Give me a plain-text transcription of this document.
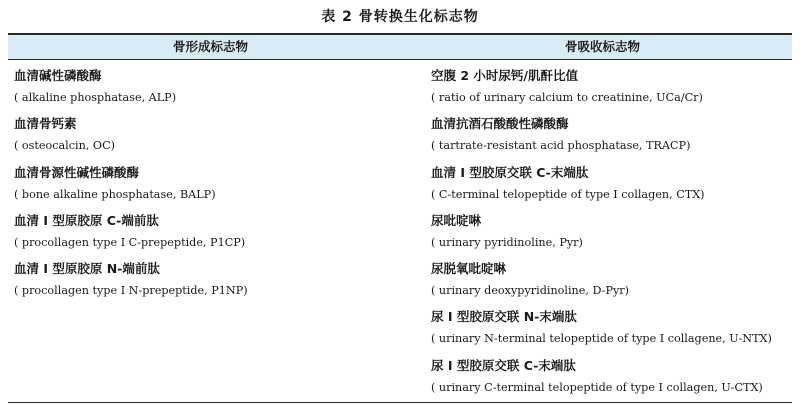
表 2 骨转换生化标志物
骨形成标志物	骨吸收标志物
血清碱性磷酸酶
( alkaline phosphatase, ALP)
血清骨钙素
( osteocalcin, OC)
血清骨源性碱性磷酸酶
( bone alkaline phosphatase, BALP)
血清 Ⅰ 型原胶原 C-端前肽
( procollagen type Ⅰ C-prepeptide, P1CP)
血清 Ⅰ 型原胶原 N-端前肽
( procollagen type Ⅰ N-prepeptide, P1NP)
空腹 2 小时尿钙/肌酐比值
( ratio of urinary calcium to creatinine, UCa/Cr)
血清抗酒石酸酸性磷酸酶
( tartrate-resistant acid phosphatase, TRACP)
血清 Ⅰ 型胶原交联 C-末端肽
( C-terminal telopeptide of type Ⅰ collagen, CTX)
尿吡啶啉
( urinary pyridinoline, Pyr)
尿脱氧吡啶啉
( urinary deoxypyridinoline, D-Pyr)
尿 Ⅰ 型胶原交联 N-末端肽
( urinary N-terminal telopeptide of type Ⅰ collagene, U-NTX)
尿 Ⅰ 型胶原交联 C-末端肽
( urinary C-terminal telopeptide of type Ⅰ collagen, U-CTX)
